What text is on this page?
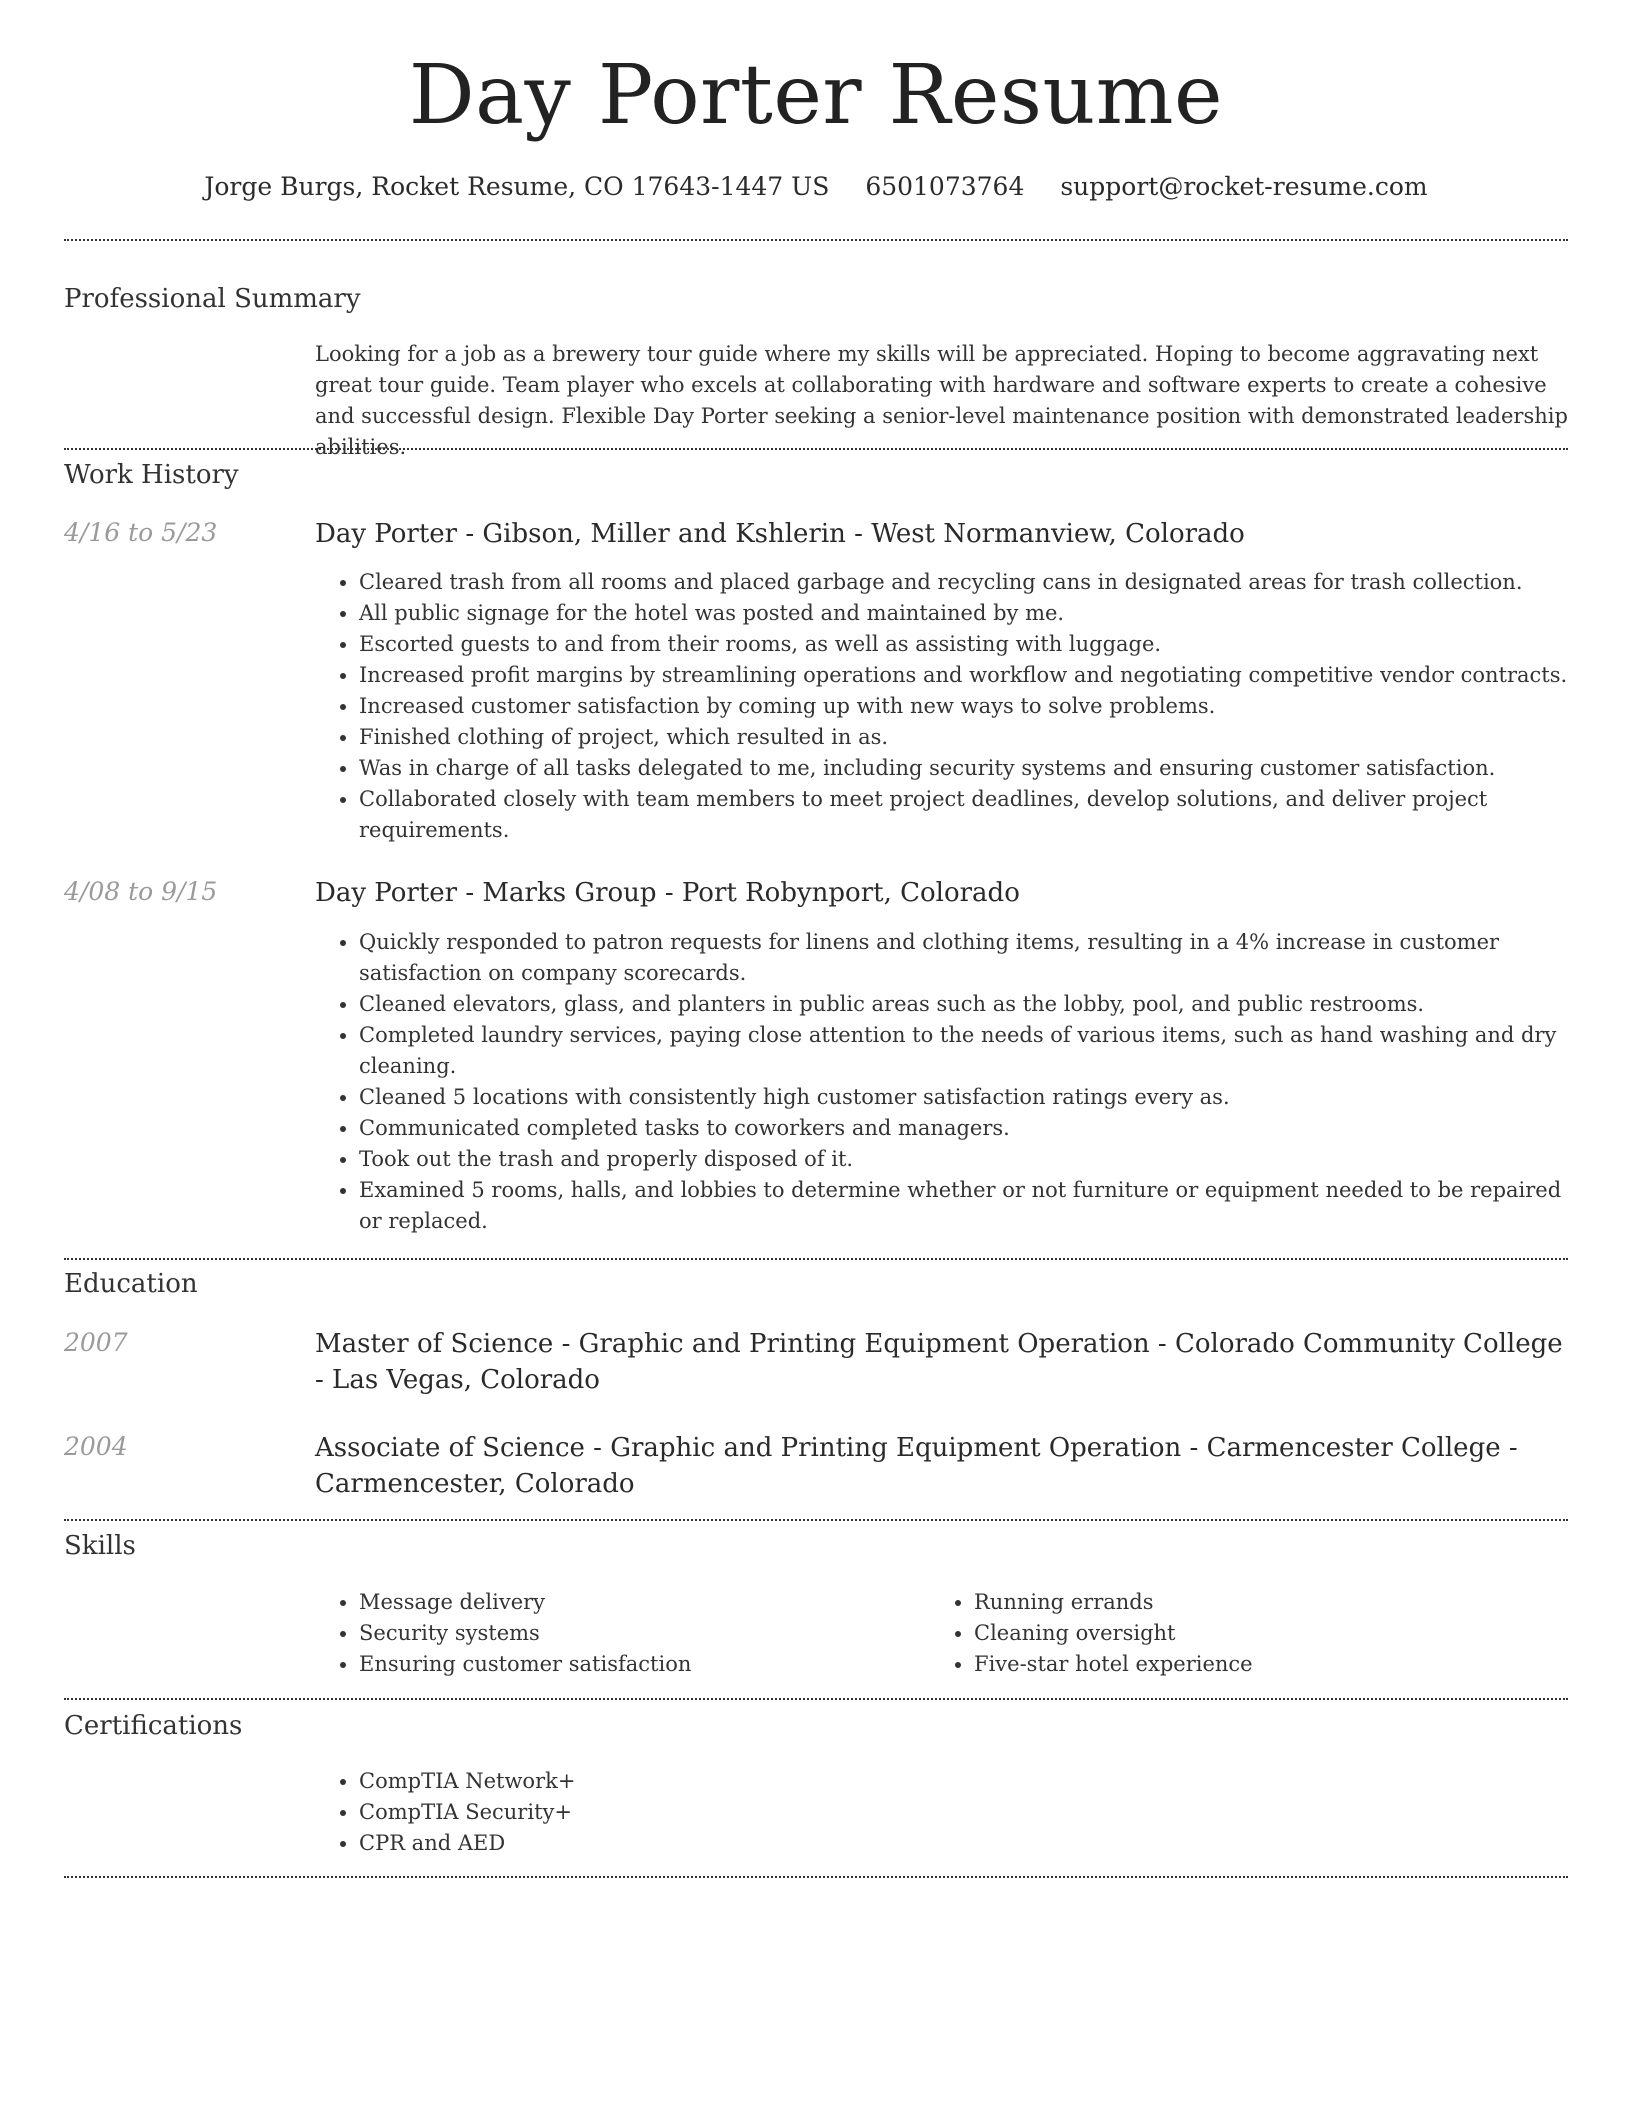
Day Porter Resume
Jorge Burgs, Rocket Resume, CO 17643-1447 US 6501073764 support@rocket-resume.com
Professional Summary

Looking for a job as a brewery tour guide where my skills will be appreciated. Hoping to become aggravating next great tour guide. Team player who excels at collaborating with hardware and software experts to create a cohesive and successful design. Flexible Day Porter seeking a senior-level maintenance position with demonstrated leadership abilities.

Work History
4/16 to 5/23	Day Porter - Gibson, Miller and Kshlerin - West Normanview, Colorado
• Cleared trash from all rooms and placed garbage and recycling cans in designated areas for trash collection.
• All public signage for the hotel was posted and maintained by me.
• Escorted guests to and from their rooms, as well as assisting with luggage.
• Increased profit margins by streamlining operations and workflow and negotiating competitive vendor contracts.
• Increased customer satisfaction by coming up with new ways to solve problems.
• Finished clothing of project, which resulted in as.
• Was in charge of all tasks delegated to me, including security systems and ensuring customer satisfaction.
• Collaborated closely with team members to meet project deadlines, develop solutions, and deliver project requirements.
4/08 to 9/15	Day Porter - Marks Group - Port Robynport, Colorado
• Quickly responded to patron requests for linens and clothing items, resulting in a 4% increase in customer satisfaction on company scorecards.
• Cleaned elevators, glass, and planters in public areas such as the lobby, pool, and public restrooms.
• Completed laundry services, paying close attention to the needs of various items, such as hand washing and dry cleaning.
• Cleaned 5 locations with consistently high customer satisfaction ratings every as.
• Communicated completed tasks to coworkers and managers.
• Took out the trash and properly disposed of it.
• Examined 5 rooms, halls, and lobbies to determine whether or not furniture or equipment needed to be repaired or replaced.
Education
2007	Master of Science - Graphic and Printing Equipment Operation - Colorado Community College - Las Vegas, Colorado
2004	Associate of Science - Graphic and Printing Equipment Operation - Carmencester College - Carmencester, Colorado
Skills
• Message delivery
• Security systems
• Ensuring customer satisfaction
• Running errands
• Cleaning oversight
• Five-star hotel experience
Certifications
• CompTIA Network+
• CompTIA Security+
• CPR and AED
